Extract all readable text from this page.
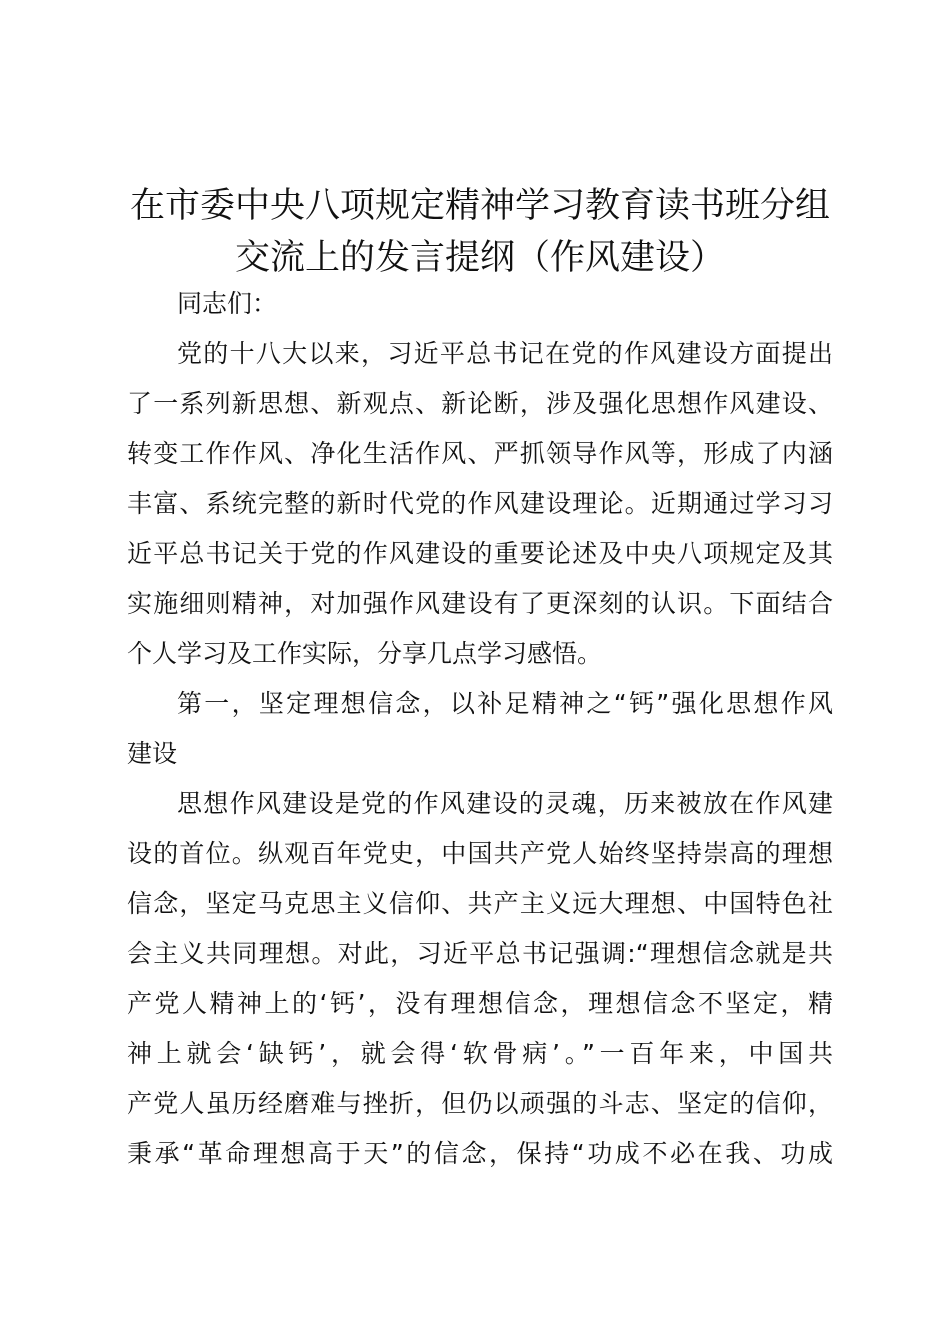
在市委中央八项规定精神学习教育读书班分组
交流上的发言提纲（作风建设）
同志们：

党的十八大以来，习近平总书记在党的作风建设方面提出
了一系列新思想、新观点、新论断，涉及强化思想作风建设、
转变工作作风、净化生活作风、严抓领导作风等，形成了内涵
丰富、系统完整的新时代党的作风建设理论。近期通过学习习
近平总书记关于党的作风建设的重要论述及中央八项规定及其
实施细则精神，对加强作风建设有了更深刻的认识。下面结合
个人学习及工作实际，分享几点学习感悟。

第一，坚定理想信念，以补足精神之“钙”强化思想作风
建设

思想作风建设是党的作风建设的灵魂，历来被放在作风建
设的首位。纵观百年党史，中国共产党人始终坚持崇高的理想
信念，坚定马克思主义信仰、共产主义远大理想、中国特色社
会主义共同理想。对此，习近平总书记强调:“理想信念就是共
产党人精神上的‘钙’，没有理想信念，理想信念不坚定，精
神上就会‘缺钙’，就会得‘软骨病’。”一百年来，中国共
产党人虽历经磨难与挫折，但仍以顽强的斗志、坚定的信仰，
秉承“革命理想高于天”的信念，保持“功成不必在我、功成
